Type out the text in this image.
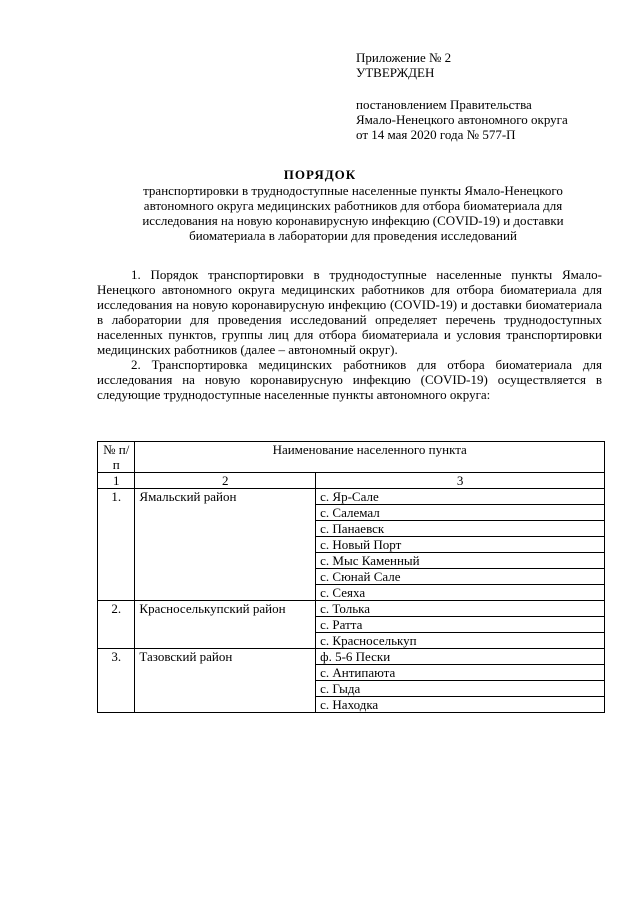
Приложение № 2
УТВЕРЖДЕН
постановлением Правительства
Ямало-Ненецкого автономного округа
от 14 мая 2020 года № 577-П
ПОРЯДОК
транспортировки в труднодоступные населенные пункты Ямало-Ненецкого автономного округа медицинских работников для отбора биоматериала для исследования на новую коронавирусную инфекцию (COVID-19) и доставки биоматериала в лаборатории для проведения исследований

1. Порядок транспортировки в труднодоступные населенные пункты Ямало-Ненецкого автономного округа медицинских работников для отбора биоматериала для исследования на новую коронавирусную инфекцию (COVID-19) и доставки биоматериала в лаборатории для проведения исследований определяет перечень труднодоступных населенных пунктов, группы лиц для отбора биоматериала и условия транспортировки медицинских работников (далее – автономный округ).

2. Транспортировка медицинских работников для отбора биоматериала для исследования на новую коронавирусную инфекцию (COVID-19) осуществляется в следующие труднодоступные населенные пункты автономного округа:

№ п/п	Наименование населенного пункта	
1	2	3
1.	Ямальский район	с. Яр-Сале
		с. Салемал
		с. Панаевск
		с. Новый Порт
		с. Мыс Каменный
		с. Сюнай Сале
		с. Сеяха
2.	Красноселькупский район	с. Толька
		с. Ратта
		с. Красноселькуп
3.	Тазовский район	ф. 5-6 Пески
		с. Антипаюта
		с. Гыда
		с. Находка
